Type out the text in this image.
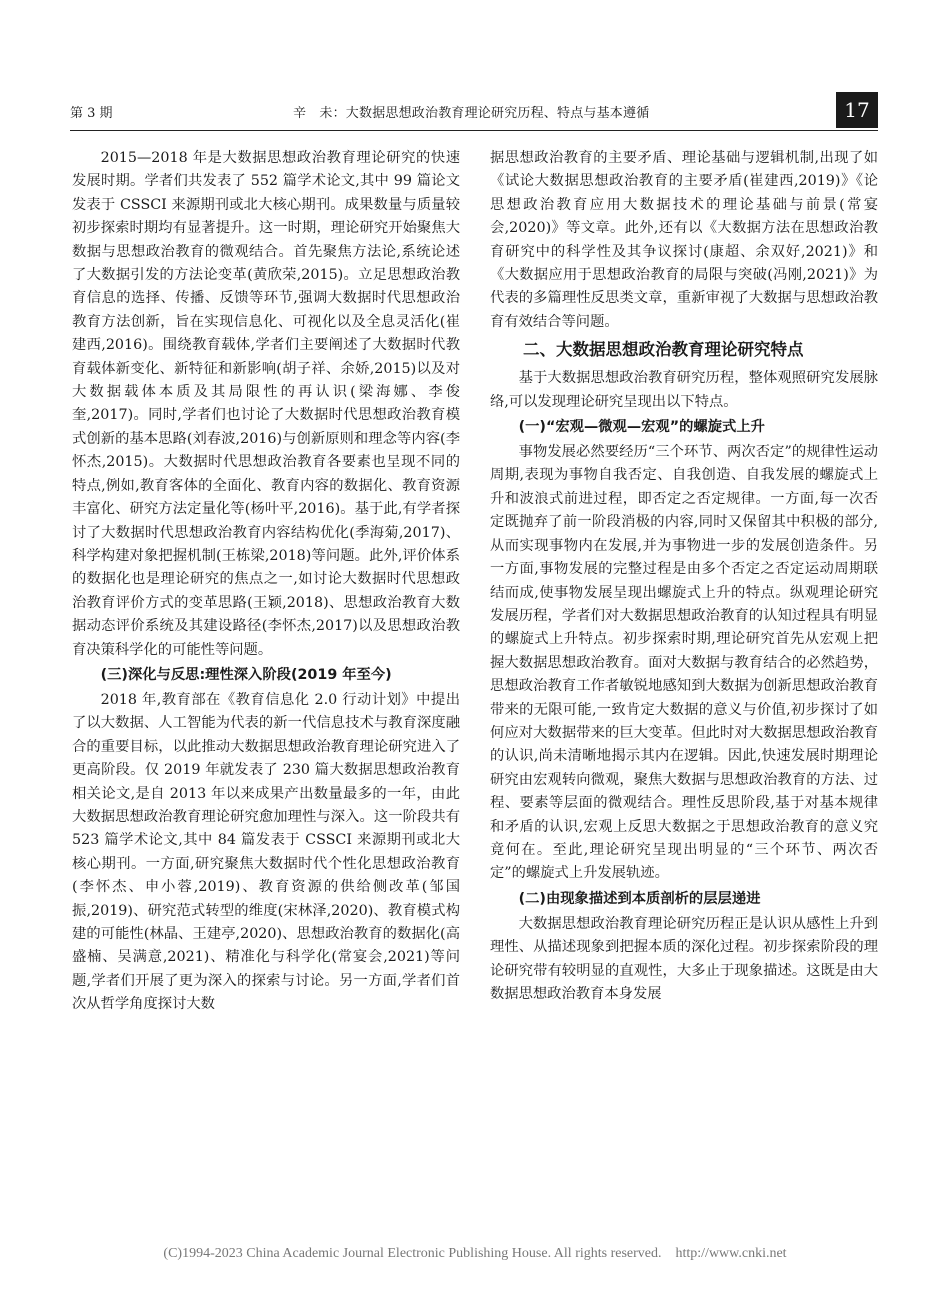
第 3 期	辛　未：大数据思想政治教育理论研究历程、特点与基本遵循	17

2015—2018 年是大数据思想政治教育理论研究的快速发展时期。学者们共发表了 552 篇学术论文,其中 99 篇论文发表于 CSSCI 来源期刊或北大核心期刊。成果数量与质量较初步探索时期均有显著提升。这一时期，理论研究开始聚焦大数据与思想政治教育的微观结合。首先聚焦方法论,系统论述了大数据引发的方法论变革(黄欣荣,2015)。立足思想政治教育信息的选择、传播、反馈等环节,强调大数据时代思想政治教育方法创新，旨在实现信息化、可视化以及全息灵活化(崔建西,2016)。围绕教育载体,学者们主要阐述了大数据时代教育载体新变化、新特征和新影响(胡子祥、余娇,2015)以及对大数据载体本质及其局限性的再认识(梁海娜、李俊奎,2017)。同时,学者们也讨论了大数据时代思想政治教育模式创新的基本思路(刘春波,2016)与创新原则和理念等内容(李怀杰,2015)。大数据时代思想政治教育各要素也呈现不同的特点,例如,教育客体的全面化、教育内容的数据化、教育资源丰富化、研究方法定量化等(杨叶平,2016)。基于此,有学者探讨了大数据时代思想政治教育内容结构优化(季海菊,2017)、科学构建对象把握机制(王栋梁,2018)等问题。此外,评价体系的数据化也是理论研究的焦点之一,如讨论大数据时代思想政治教育评价方式的变革思路(王颖,2018)、思想政治教育大数据动态评价系统及其建设路径(李怀杰,2017)以及思想政治教育决策科学化的可能性等问题。

(三)深化与反思:理性深入阶段(2019 年至今)

2018 年,教育部在《教育信息化 2.0 行动计划》中提出了以大数据、人工智能为代表的新一代信息技术与教育深度融合的重要目标，以此推动大数据思想政治教育理论研究进入了更高阶段。仅 2019 年就发表了 230 篇大数据思想政治教育相关论文,是自 2013 年以来成果产出数量最多的一年，由此大数据思想政治教育理论研究愈加理性与深入。这一阶段共有 523 篇学术论文,其中 84 篇发表于 CSSCI 来源期刊或北大核心期刊。一方面,研究聚焦大数据时代个性化思想政治教育(李怀杰、申小蓉,2019)、教育资源的供给侧改革(邹国振,2019)、研究范式转型的维度(宋林泽,2020)、教育模式构建的可能性(林晶、王建亭,2020)、思想政治教育的数据化(高盛楠、吴满意,2021)、精准化与科学化(常宴会,2021)等问题,学者们开展了更为深入的探索与讨论。另一方面,学者们首次从哲学角度探讨大数

据思想政治教育的主要矛盾、理论基础与逻辑机制,出现了如《试论大数据思想政治教育的主要矛盾(崔建西,2019)》《论思想政治教育应用大数据技术的理论基础与前景(常宴会,2020)》等文章。此外,还有以《大数据方法在思想政治教育研究中的科学性及其争议探讨(康超、余双好,2021)》和《大数据应用于思想政治教育的局限与突破(冯刚,2021)》为代表的多篇理性反思类文章，重新审视了大数据与思想政治教育有效结合等问题。

二、大数据思想政治教育理论研究特点

基于大数据思想政治教育研究历程，整体观照研究发展脉络,可以发现理论研究呈现出以下特点。

(一)“宏观—微观—宏观”的螺旋式上升

事物发展必然要经历“三个环节、两次否定”的规律性运动周期,表现为事物自我否定、自我创造、自我发展的螺旋式上升和波浪式前进过程，即否定之否定规律。一方面,每一次否定既抛弃了前一阶段消极的内容,同时又保留其中积极的部分,从而实现事物内在发展,并为事物进一步的发展创造条件。另一方面,事物发展的完整过程是由多个否定之否定运动周期联结而成,使事物发展呈现出螺旋式上升的特点。纵观理论研究发展历程，学者们对大数据思想政治教育的认知过程具有明显的螺旋式上升特点。初步探索时期,理论研究首先从宏观上把握大数据思想政治教育。面对大数据与教育结合的必然趋势，思想政治教育工作者敏锐地感知到大数据为创新思想政治教育带来的无限可能,一致肯定大数据的意义与价值,初步探讨了如何应对大数据带来的巨大变革。但此时对大数据思想政治教育的认识,尚未清晰地揭示其内在逻辑。因此,快速发展时期理论研究由宏观转向微观，聚焦大数据与思想政治教育的方法、过程、要素等层面的微观结合。理性反思阶段,基于对基本规律和矛盾的认识,宏观上反思大数据之于思想政治教育的意义究竟何在。至此,理论研究呈现出明显的“三个环节、两次否定”的螺旋式上升发展轨迹。

(二)由现象描述到本质剖析的层层递进

大数据思想政治教育理论研究历程正是认识从感性上升到理性、从描述现象到把握本质的深化过程。初步探索阶段的理论研究带有较明显的直观性，大多止于现象描述。这既是由大数据思想政治教育本身发展

(C)1994-2023 China Academic Journal Electronic Publishing House. All rights reserved.　http://www.cnki.net
